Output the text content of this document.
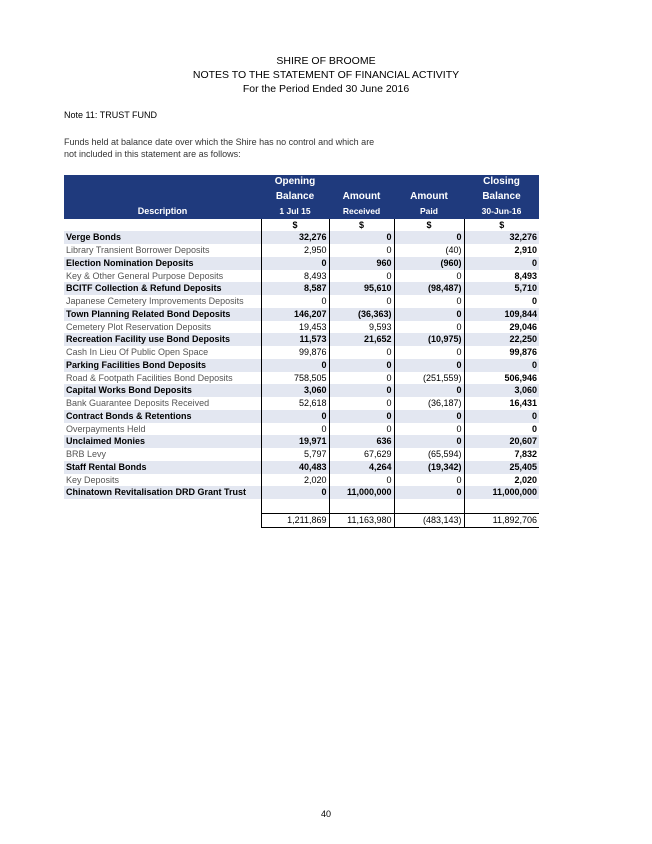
SHIRE OF BROOME
NOTES TO THE STATEMENT OF FINANCIAL ACTIVITY
For the Period Ended 30 June 2016
Note 11: TRUST FUND
Funds held at balance date over which the Shire has no control and which are
not included in this statement are as follows:
Description	Opening			Closing
	Balance	Amount	Amount	Balance
	1 Jul 15	Received	Paid	30-Jun-16
	$	$	$	$
Verge Bonds	32,276	0	0	32,276
Library Transient Borrower Deposits	2,950	0	(40)	2,910
Election Nomination Deposits	0	960	(960)	0
Key & Other General Purpose Deposits	8,493	0	0	8,493
BCITF Collection & Refund Deposits	8,587	95,610	(98,487)	5,710
Japanese Cemetery Improvements Deposits	0	0	0	0
Town Planning Related Bond Deposits	146,207	(36,363)	0	109,844
Cemetery Plot Reservation Deposits	19,453	9,593	0	29,046
Recreation Facility use Bond Deposits	11,573	21,652	(10,975)	22,250
Cash In Lieu Of Public Open Space	99,876	0	0	99,876
Parking Facilities Bond Deposits	0	0	0	0
Road & Footpath Facilities Bond Deposits	758,505	0	(251,559)	506,946
Capital Works Bond Deposits	3,060	0	0	3,060
Bank Guarantee Deposits Received	52,618	0	(36,187)	16,431
Contract Bonds & Retentions	0	0	0	0
Overpayments Held	0	0	0	0
Unclaimed Monies	19,971	636	0	20,607
BRB Levy	5,797	67,629	(65,594)	7,832
Staff Rental Bonds	40,483	4,264	(19,342)	25,405
Key Deposits	2,020	0	0	2,020
Chinatown Revitalisation DRD Grant Trust	0	11,000,000	0	11,000,000

	1,211,869	11,163,980	(483,143)	11,892,706
40
